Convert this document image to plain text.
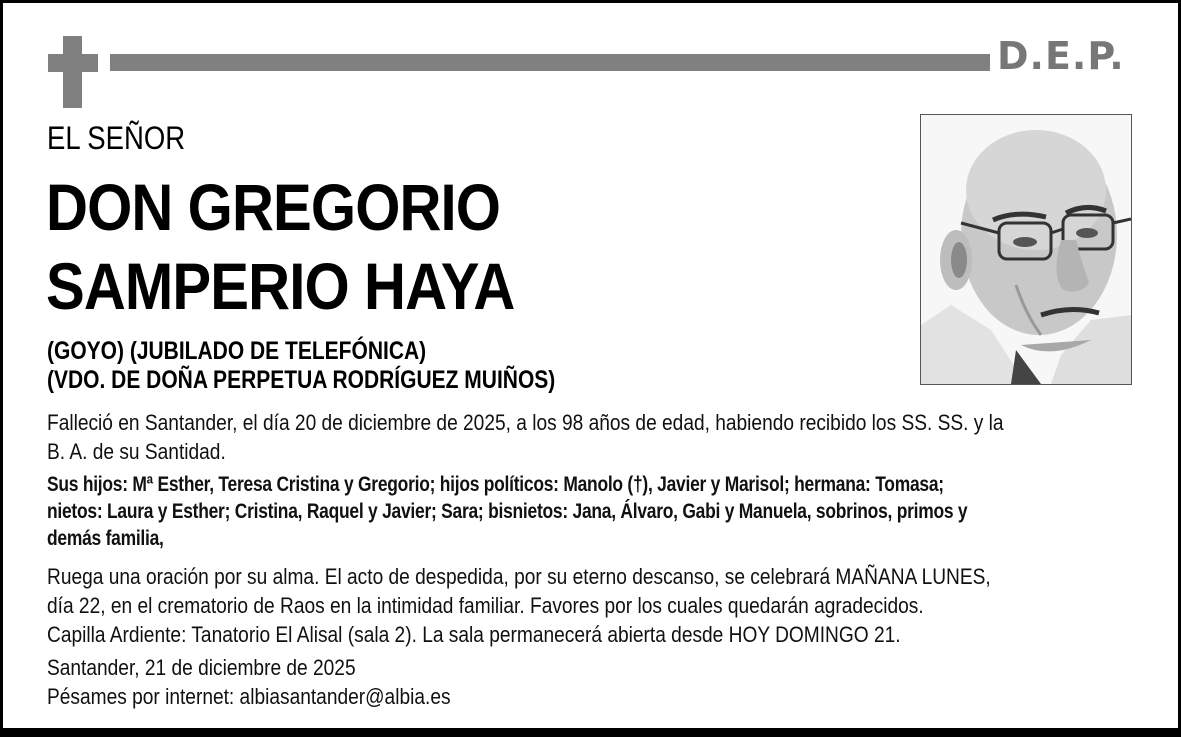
D.E.P.
EL SEÑOR
DON GREGORIO
SAMPERIO HAYA
(GOYO) (JUBILADO DE TELEFÓNICA)
(VDO. DE DOÑA PERPETUA RODRÍGUEZ MUIÑOS)
Falleció en Santander, el día 20 de diciembre de 2025, a los 98 años de edad, habiendo recibido los SS. SS. y la
B. A. de su Santidad.
Sus hijos: Mª Esther, Teresa Cristina y Gregorio; hijos políticos: Manolo (†), Javier y Marisol; hermana: Tomasa;
nietos: Laura y Esther; Cristina, Raquel y Javier; Sara; bisnietos: Jana, Álvaro, Gabi y Manuela, sobrinos, primos y
demás familia,
Ruega una oración por su alma. El acto de despedida, por su eterno descanso, se celebrará MAÑANA LUNES,
día 22, en el crematorio de Raos en la intimidad familiar. Favores por los cuales quedarán agradecidos.
Capilla Ardiente: Tanatorio El Alisal (sala 2). La sala permanecerá abierta desde HOY DOMINGO 21.
Santander, 21 de diciembre de 2025
Pésames por internet: albiasantander@albia.es
